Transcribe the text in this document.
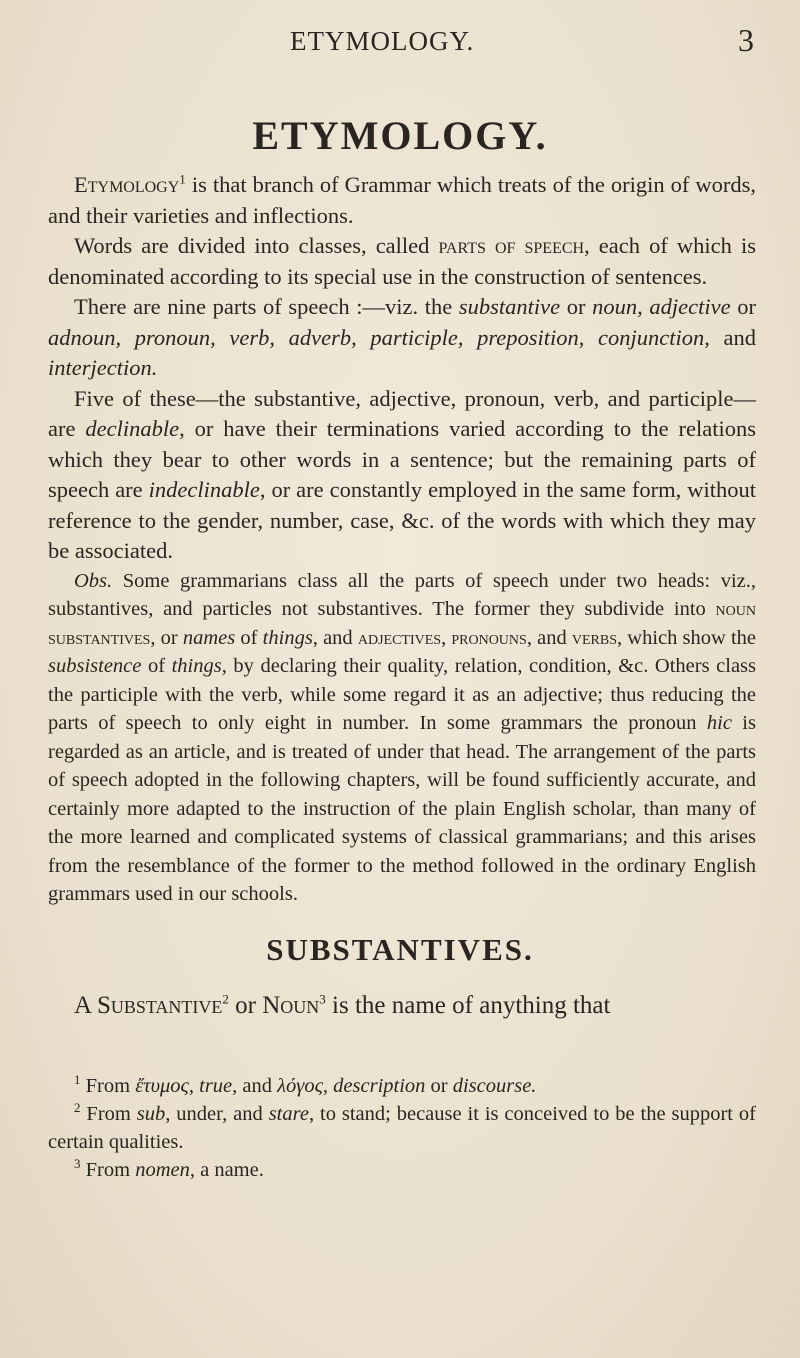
ETYMOLOGY.	3
ETYMOLOGY.

Etymology$^1$ is that branch of Grammar which treats of the origin of words, and their varieties and inflections.

Words are divided into classes, called parts of speech, each of which is denominated according to its special use in the construction of sentences.

There are nine parts of speech :—viz. the substantive or noun, adjective or adnoun, pronoun, verb, adverb, participle, preposition, conjunction, and interjection.

Five of these—the substantive, adjective, pronoun, verb, and participle—are declinable, or have their terminations varied according to the relations which they bear to other words in a sentence; but the remaining parts of speech are indeclinable, or are constantly employed in the same form, without reference to the gender, number, case, &c. of the words with which they may be associated.

Obs. Some grammarians class all the parts of speech under two heads: viz., substantives, and particles not substantives. The former they subdivide into noun substantives, or names of things, and adjectives, pronouns, and verbs, which show the subsistence of things, by declaring their quality, relation, condition, &c. Others class the participle with the verb, while some regard it as an adjective; thus reducing the parts of speech to only eight in number. In some grammars the pronoun hic is regarded as an article, and is treated of under that head. The arrangement of the parts of speech adopted in the following chapters, will be found sufficiently accurate, and certainly more adapted to the instruction of the plain English scholar, than many of the more learned and complicated systems of classical grammarians; and this arises from the resemblance of the former to the method followed in the ordinary English grammars used in our schools.

SUBSTANTIVES.

A Substantive$^2$ or Noun$^3$ is the name of anything that

$^1$ From ἔτυμος, true, and λόγος, description or discourse.

$^2$ From sub, under, and stare, to stand; because it is conceived to be the support of certain qualities.

$^3$ From nomen, a name.
